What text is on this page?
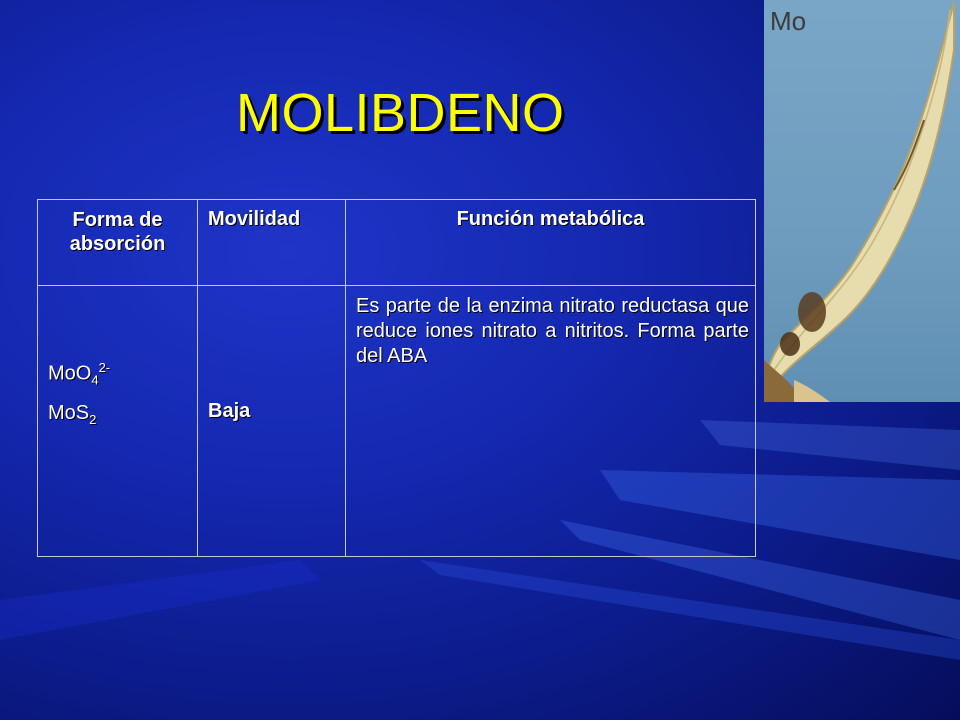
MOLIBDENO
Forma de
absorción	Movilidad	Función metabólica

MoO$_4^{2-}$
MoS$_2$	Baja	Es parte de la enzima nitrato reductasa que reduce iones nitrato a nitritos. Forma parte del ABA
Mo
